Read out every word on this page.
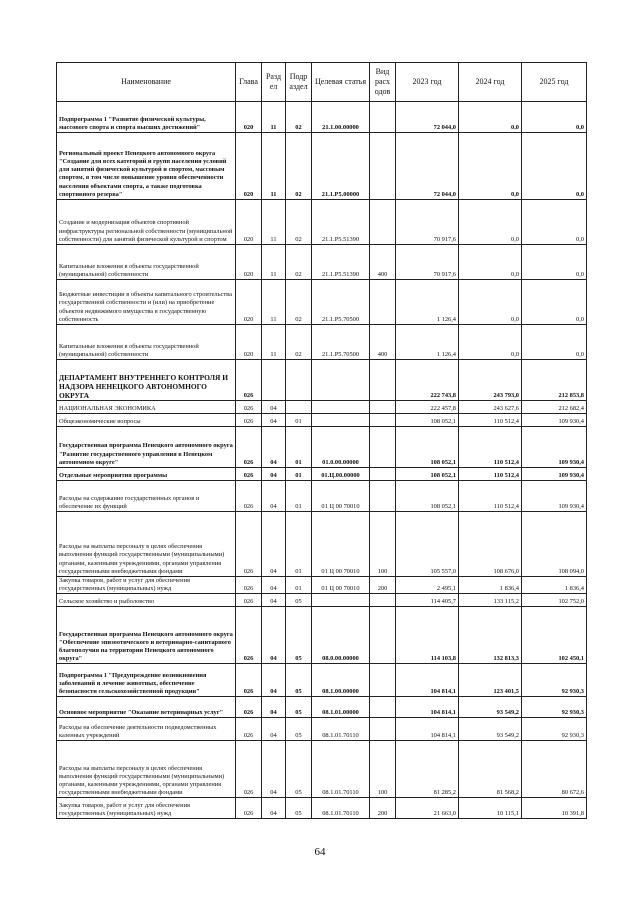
Наименование	Глава	Разд ел	Подр аздел	Целевая статья	Вид расх одов	2023 год	2024 год	2025 год
Подпрограмма 1 "Развитие физической культуры, массового спорта и спорта высших достижений"	020	11	02	21.1.00.00000		72 044,0	0,0	0,0
Региональный проект Ненецкого автономного округа "Создание для всех категорий и групп населения условий для занятий физической культурой и спортом, массовым спортом, в том числе повышение уровня обеспеченности населения объектами спорта, а также подготовка спортивного резерва"	020	11	02	21.1.P5.00000		72 044,0	0,0	0,0
Создание и модернизация объектов спортивной инфраструктуры региональной собственности (муниципальной собственности) для занятий физической культурой и спортом	020	11	02	21.1.P5.51390		70 917,6	0,0	0,0
Капитальные вложения в объекты государственной (муниципальной) собственности	020	11	02	21.1.P5.51390	400	70 917,6	0,0	0,0
Бюджетные инвестиции в объекты капитального строительства государственной собственности и (или) на приобретение объектов недвижимого имущества в государственную собственность	020	11	02	21.1.P5.70500		1 126,4	0,0	0,0
Капитальные вложения в объекты государственной (муниципальной) собственности	020	11	02	21.1.P5.70500	400	1 126,4	0,0	0,0
ДЕПАРТАМЕНТ ВНУТРЕННЕГО КОНТРОЛЯ И НАДЗОРА НЕНЕЦКОГО АВТОНОМНОГО ОКРУГА	026					222 743,8	243 793,0	212 853,8
НАЦИОНАЛЬНАЯ ЭКОНОМИКА	026	04				222 457,8	243 627,6	212 682,4
Общеэкономические вопросы	026	04	01			108 052,1	110 512,4	109 930,4
Государственная программа Ненецкого автономного округа "Развитие государственного управления в Ненецком автономном округе"	026	04	01	01.0.00.00000		108 052,1	110 512,4	109 930,4
Отдельные мероприятия программы	026	04	01	01.Ц.00.00000		108 052,1	110 512,4	109 930,4
Расходы на содержание государственных органов и обеспечение их функций	026	04	01	01 Ц 00 70010		108 052,1	110 512,4	109 930,4
Расходы на выплаты персоналу в целях обеспечения выполнения функций государственными (муниципальными) органами, казенными учреждениями, органами управления государственными внебюджетными фондами	026	04	01	01 Ц 00 70010	100	105 557,0	108 676,0	108 094,0
Закупка товаров, работ и услуг для обеспечения государственных (муниципальных) нужд	026	04	01	01 Ц 00 70010	200	2 495,1	1 836,4	1 836,4
Сельское хозяйство и рыболовство	026	04	05			114 405,7	133 115,2	102 752,0
Государственная программа Ненецкого автономного округа "Обеспечение эпизоотического и ветеринарно-санитарного благополучия на территории Ненецкого автономного округа"	026	04	05	08.0.00.00000		114 103,8	132 813,3	102 450,1
Подпрограмма 1 "Предупреждение возникновения заболеваний и лечение животных, обеспечение безопасности сельскохозяйственной продукции"	026	04	05	08.1.00.00000		104 814,1	123 401,5	92 930,3
Основное мероприятие "Оказание ветеринарных услуг"	026	04	05	08.1.01.00000		104 814,1	93 549,2	92 930,3
Расходы на обеспечение деятельности подведомственных казенных учреждений	026	04	05	08.1.01.70110		104 814,1	93 549,2	92 930,3
Расходы на выплаты персоналу в целях обеспечения выполнения функций государственными (муниципальными) органами, казенными учреждениями, органами управления государственными внебюджетными фондами	026	04	05	08.1.01.70110	100	81 285,2	81 568,2	80 672,6
Закупка товаров, работ и услуг для обеспечения государственных (муниципальных) нужд	026	04	05	08.1.01.70110	200	21 663,0	10 115,1	10 391,8
64
